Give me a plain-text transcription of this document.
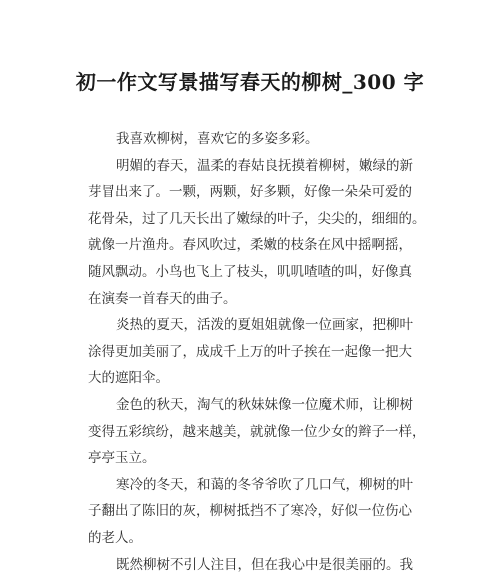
初一作文写景描写春天的柳树_300 字
我喜欢柳树，喜欢它的多姿多彩。
明媚的春天，温柔的春姑良抚摸着柳树，嫩绿的新
芽冒出来了。一颗，两颗，好多颗，好像一朵朵可爱的
花骨朵，过了几天长出了嫩绿的叶子，尖尖的，细细的。
就像一片渔舟。春风吹过，柔嫩的枝条在风中摇啊摇，
随风飘动。小鸟也飞上了枝头，叽叽喳喳的叫，好像真
在演奏一首春天的曲子。
炎热的夏天，活泼的夏姐姐就像一位画家，把柳叶
涂得更加美丽了，成成千上万的叶子挨在一起像一把大
大的遮阳伞。
金色的秋天，淘气的秋妹妹像一位魔术师，让柳树
变得五彩缤纷，越来越美，就就像一位少女的辫子一样，
亭亭玉立。
寒冷的冬天，和蔼的冬爷爷吹了几口气，柳树的叶
子翻出了陈旧的灰，柳树抵挡不了寒冷，好似一位伤心
的老人。
既然柳树不引人注目，但在我心中是很美丽的。我
